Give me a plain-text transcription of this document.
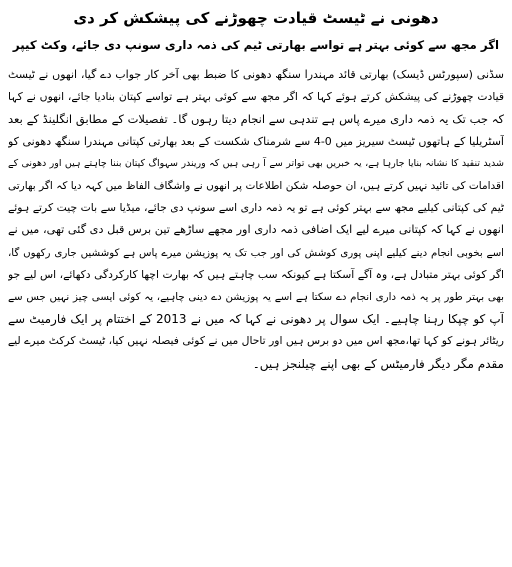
دھونی نے ٹیسٹ قیادت چھوڑنے کی پیشکش کر دی
اگر مجھ سے کوئی بہتر ہے تواسے بھارتی ٹیم کی ذمہ داری سونپ دی جائے، وکٹ کیپر
سڈنی (سپورٹس ڈیسک) بھارتی قائد مہندرا سنگھ دھونی کا ضبط بھی آخر کار جواب دے گیا، انھوں نے ٹیسٹ
قیادت چھوڑنے کی پیشکش کرتے ہوئے کہا کہ اگر مجھ سے کوئی بہتر ہے تواسے کپتان بنادیا جائے، انھوں نے کہا
کہ جب تک یہ ذمہ داری میرے پاس ہے تندہی سے انجام دیتا رہوں گا۔ تفصیلات کے مطابق انگلینڈ کے بعد
آسٹریلیا کے ہاتھوں ٹیسٹ سیریز میں 0-4 سے شرمناک شکست کے بعد بھارتی کپتانی مہندرا سنگھ دھونی کو
شدید تنقید کا نشانہ بنایا جارہا ہے، یہ خبریں بھی تواتر سے آ رہی ہیں کہ وریندر سہواگ کپتان بننا چاہتے ہیں اور دھونی کے
اقدامات کی تائید نہیں کرتے ہیں، ان حوصلہ شکن اطلاعات پر انھوں نے واشگاف الفاظ میں کہہ دیا کہ اگر بھارتی
ٹیم کی کپتانی کیلیے مجھ سے بہتر کوئی ہے تو یہ ذمہ داری اسے سونپ دی جائے، میڈیا سے بات چیت کرتے ہوئے
انھوں نے کہا کہ کپتانی میرے لیے ایک اضافی ذمہ داری اور مجھے ساڑھے تین برس قبل دی گئی تھی، میں نے
اسے بخوبی انجام دینے کیلیے اپنی پوری کوشش کی اور جب تک یہ پوزیشن میرے پاس ہے کوششیں جاری رکھوں گا،
اگر کوئی بہتر متبادل ہے، وہ آگے آسکتا ہے کیونکہ سب چاہتے ہیں کہ بھارت اچھا کارکردگی دکھائے، اس لیے جو
بھی بہتر طور پر یہ ذمہ داری انجام دے سکتا ہے اسے یہ پوزیشن دے دینی چاہیے، یہ کوئی ایسی چیز نہیں جس سے
آپ کو چپکا رہنا چاہیے۔ ایک سوال پر دھونی نے کہا کہ میں نے 2013 کے اختتام پر ایک فارمیٹ سے
ریٹائر ہونے کو کہا تھا،مجھ اس میں دو برس ہیں اور تاحال میں نے کوئی فیصلہ نہیں کیا، ٹیسٹ کرکٹ میرے لیے
مقدم مگر دیگر فارمیٹس کے بھی اپنے چیلنجز ہیں۔
